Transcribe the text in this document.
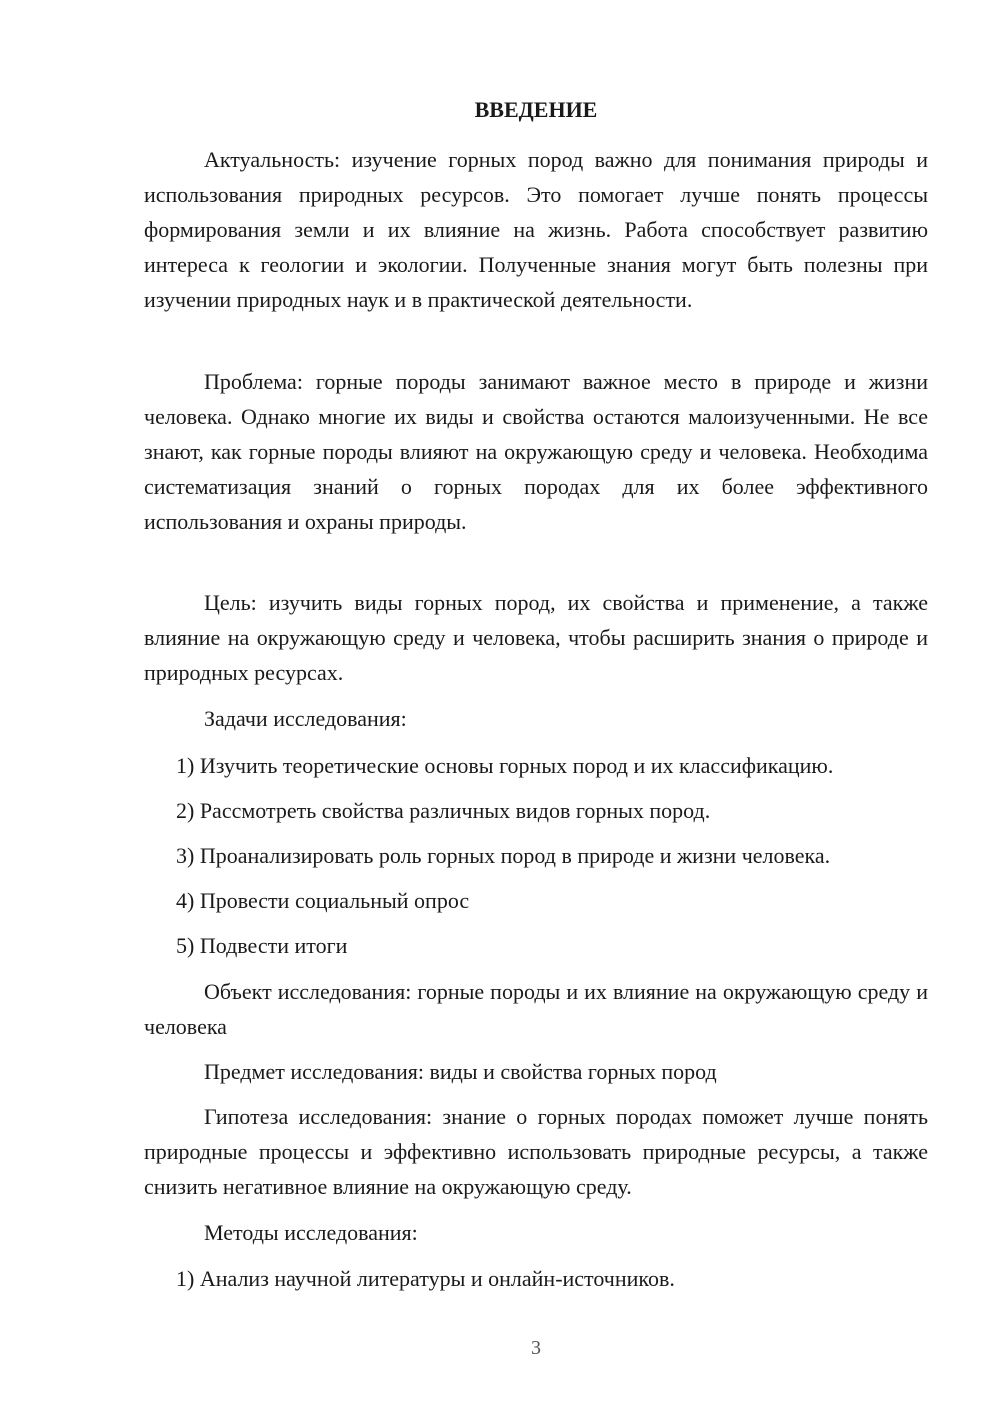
ВВЕДЕНИЕ

Актуальность: изучение горных пород важно для понимания природы и использования природных ресурсов. Это помогает лучше понять процессы формирования земли и их влияние на жизнь. Работа способствует развитию интереса к геологии и экологии. Полученные знания могут быть полезны при изучении природных наук и в практической деятельности.

Проблема: горные породы занимают важное место в природе и жизни человека. Однако многие их виды и свойства остаются малоизученными. Не все знают, как горные породы влияют на окружающую среду и человека. Необходима систематизация знаний о горных породах для их более эффективного использования и охраны природы.

Цель: изучить виды горных пород, их свойства и применение, а также влияние на окружающую среду и человека, чтобы расширить знания о природе и природных ресурсах.

Задачи исследования:

1) Изучить теоретические основы горных пород и их классификацию.

2) Рассмотреть свойства различных видов горных пород.

3) Проанализировать роль горных пород в природе и жизни человека.

4) Провести социальный опрос

5) Подвести итоги

Объект исследования: горные породы и их влияние на окружающую среду и человека

Предмет исследования: виды и свойства горных пород

Гипотеза исследования: знание о горных породах поможет лучше понять природные процессы и эффективно использовать природные ресурсы, а также снизить негативное влияние на окружающую среду.

Методы исследования:

1) Анализ научной литературы и онлайн-источников.

3
